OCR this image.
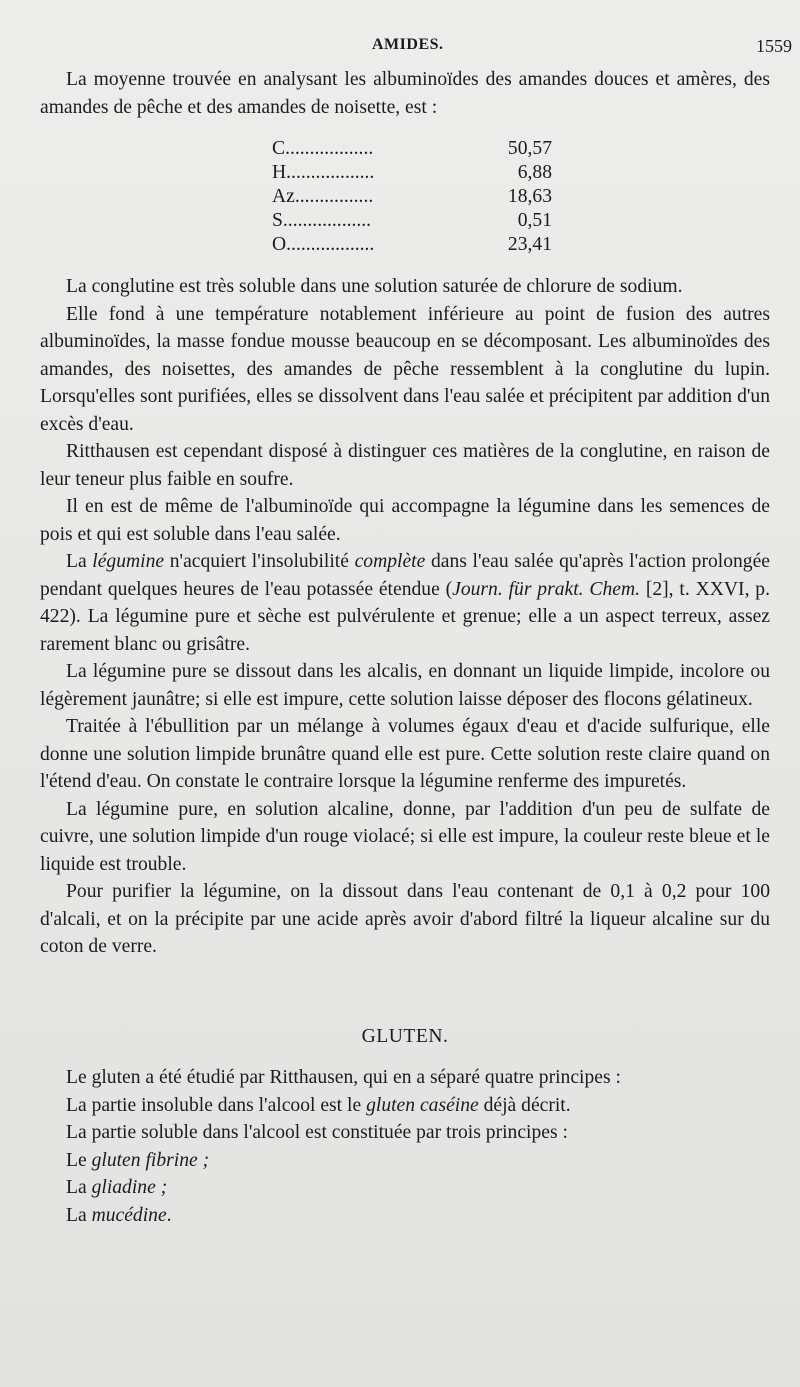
AMIDES.	1559

La moyenne trouvée en analysant les albuminoïdes des amandes douces et amères, des amandes de pêche et des amandes de noisette, est :

C..................	50,57
H..................	6,88
Az................	18,63
S..................	0,51
O..................	23,41

La conglutine est très soluble dans une solution saturée de chlorure de sodium.

Elle fond à une température notablement inférieure au point de fusion des autres albuminoïdes, la masse fondue mousse beaucoup en se décomposant. Les albuminoïdes des amandes, des noisettes, des amandes de pêche ressemblent à la conglutine du lupin. Lorsqu'elles sont purifiées, elles se dissolvent dans l'eau salée et précipitent par addition d'un excès d'eau.

Ritthausen est cependant disposé à distinguer ces matières de la conglutine, en raison de leur teneur plus faible en soufre.

Il en est de même de l'albuminoïde qui accompagne la légumine dans les semences de pois et qui est soluble dans l'eau salée.

La légumine n'acquiert l'insolubilité complète dans l'eau salée qu'après l'action prolongée pendant quelques heures de l'eau potassée étendue (Journ. für prakt. Chem. [2], t. XXVI, p. 422). La légumine pure et sèche est pulvérulente et grenue; elle a un aspect terreux, assez rarement blanc ou grisâtre.

La légumine pure se dissout dans les alcalis, en donnant un liquide limpide, incolore ou légèrement jaunâtre; si elle est impure, cette solution laisse déposer des flocons gélatineux.

Traitée à l'ébullition par un mélange à volumes égaux d'eau et d'acide sulfurique, elle donne une solution limpide brunâtre quand elle est pure. Cette solution reste claire quand on l'étend d'eau. On constate le contraire lorsque la légumine renferme des impuretés.

La légumine pure, en solution alcaline, donne, par l'addition d'un peu de sulfate de cuivre, une solution limpide d'un rouge violacé; si elle est impure, la couleur reste bleue et le liquide est trouble.

Pour purifier la légumine, on la dissout dans l'eau contenant de 0,1 à 0,2 pour 100 d'alcali, et on la précipite par une acide après avoir d'abord filtré la liqueur alcaline sur du coton de verre.

GLUTEN.

Le gluten a été étudié par Ritthausen, qui en a séparé quatre principes :

La partie insoluble dans l'alcool est le gluten caséine déjà décrit.

La partie soluble dans l'alcool est constituée par trois principes :

Le gluten fibrine ;
La gliadine ;
La mucédine.
